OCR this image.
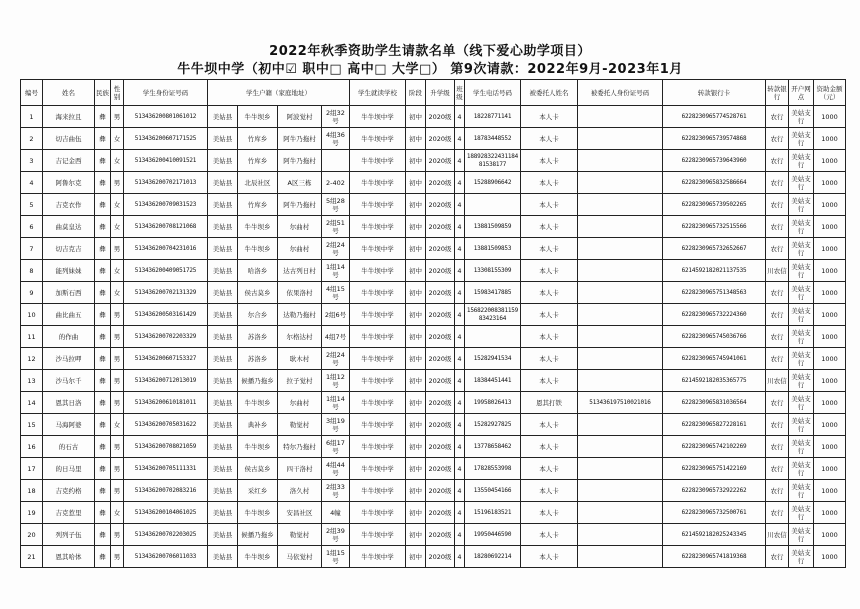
2022年秋季资助学生请款名单（线下爱心助学项目）
牛牛坝中学（初中☑ 职中□ 高中□ 大学□） 第9次请款：2022年9月-2023年1月
编号	姓名	民族	性别	学生身份证号码	学生户籍（家庭地址）				学生就读学校	阶段	升学级	班级	学生电话号码	被委托人姓名	被委托人身份证号码	转款银行卡	转款银行	开户网点	资助金额（元）
1	海来拉且	彝	男	513436200801061012	美姑县	牛牛坝乡	阿波觉村	2组32号	牛牛坝中学	初中	2020级	4	18228771141	本人卡		6228230965774528761	农行	美姑支行	1000
2	切吉曲伍	彝	女	513436200607171525	美姑县	竹库乡	阿牛乃拖村	4组36号	牛牛坝中学	初中	2020级	4	18783448552	本人卡		6228230965739574868	农行	美姑支行	1000
3	吉记金西	彝	女	513436200410091521	美姑县	竹库乡	阿牛乃拖村		牛牛坝中学	初中	2020级	4	18892832243118481538177	本人卡		6228230965739643960	农行	美姑支行	1000
4	阿鲁尔克	彝	男	513436200702171013	美姑县	北辰社区	A区三栋	2-402	牛牛坝中学	初中	2020级	4	15288906642	本人卡		6228230965832586664	农行	美姑支行	1000
5	吉克衣作	彝	女	513436200709031523	美姑县	竹库乡	阿牛乃拖村	5组28号	牛牛坝中学	初中	2020级	4		本人卡		6228230965739502265	农行	美姑支行	1000
6	曲莫皇达	彝	女	513436200708121068	美姑县	牛牛坝乡	尔曲村	2组51号	牛牛坝中学	初中	2020级	4	13881509859	本人卡		6228230965732515566	农行	美姑支行	1000
7	切吉克吉	彝	男	513436200704231016	美姑县	牛牛坝乡	尔曲村	2组24号	牛牛坝中学	初中	2020级	4	13881509853	本人卡		6228230965732652667	农行	美姑支行	1000
8	能列妹妹	彝	女	513436200409051725	美姑县	哈洛乡	达古列日村	1组14号	牛牛坝中学	初中	2020级	4	13308155309	本人卡		6214592182021137535	川农信	美姑支行	1000
9	加斯石西	彝	女	513436200702131329	美姑县	侯古莫乡	依果洛村	4组15号	牛牛坝中学	初中	2020级	4	15983417885	本人卡		6228230965751348563	农行	美姑支行	1000
10	曲比曲五	彝	男	513436200503161429	美姑县	尔合乡	达勒乃拖村	2组6号	牛牛坝中学	初中	2020级	4	15682200838115983423164	本人卡		6228230965732224360	农行	美姑支行	1000
11	的作曲	彝	男	513436200702203329	美姑县	苏洛乡	尔格达村	4组7号	牛牛坝中学	初中	2020级	4		本人卡		6228230965745036766	农行	美姑支行	1000
12	沙马拉呷	彝	男	513436200607153327	美姑县	苏洛乡	耿木村	2组24号	牛牛坝中学	初中	2020级	4	15282941534	本人卡		6228230965745941061	农行	美姑支行	1000
13	沙马尔千	彝	男	513436200712013019	美姑县	候播乃拖乡	拉子觉村	1组12号	牛牛坝中学	初中	2020级	4	18384451441	本人卡		6214592182035365775	川农信	美姑支行	1000
14	恩其日洛	彝	男	513436200610181011	美姑县	牛牛坝乡	尔曲村	1组14号	牛牛坝中学	初中	2020级	4	19958026413	恩其打铁	513436197510021016	6228230965831036564	农行	美姑支行	1000
15	马海阿婆	彝	女	513436200705031622	美姑县	典补乡	勒觉村	3组19号	牛牛坝中学	初中	2020级	4	15282927825	本人卡		6228230965827228161	农行	美姑支行	1000
16	的石古	彝	男	513436200708021059	美姑县	牛牛坝乡	特尔乃拖村	6组17号	牛牛坝中学	初中	2020级	4	13778658462	本人卡		6228230965742102269	农行	美姑支行	1000
17	的日马里	彝	男	513436200705111331	美姑县	侯古莫乡	四干洛村	4组44号	牛牛坝中学	初中	2020级	4	17828553998	本人卡		6228230965751422169	农行	美姑支行	1000
18	吉克约格	彝	男	513436200702083216	美姑县	采红乡	洛久村	2组33号	牛牛坝中学	初中	2020级	4	13550454166	本人卡		6228230965732922262	农行	美姑支行	1000
19	吉克惹里	彝	女	513436200104061025	美姑县	牛牛坝乡	安昌社区	4幢	牛牛坝中学	初中	2020级	4	15196183521	本人卡		6228230965732500761	农行	美姑支行	1000
20	列列子伍	彝	男	513436200702203025	美姑县	候播乃拖乡	勒觉村	2组39号	牛牛坝中学	初中	2020级	4	19950446590	本人卡		6214592182025243345	川农信	美姑支行	1000
21	恩其哈体	彝	男	513436200706011033	美姑县	牛牛坝乡	马依觉村	1组15号	牛牛坝中学	初中	2020级	4	18280692214	本人卡		6228230965741819368	农行	美姑支行	1000
